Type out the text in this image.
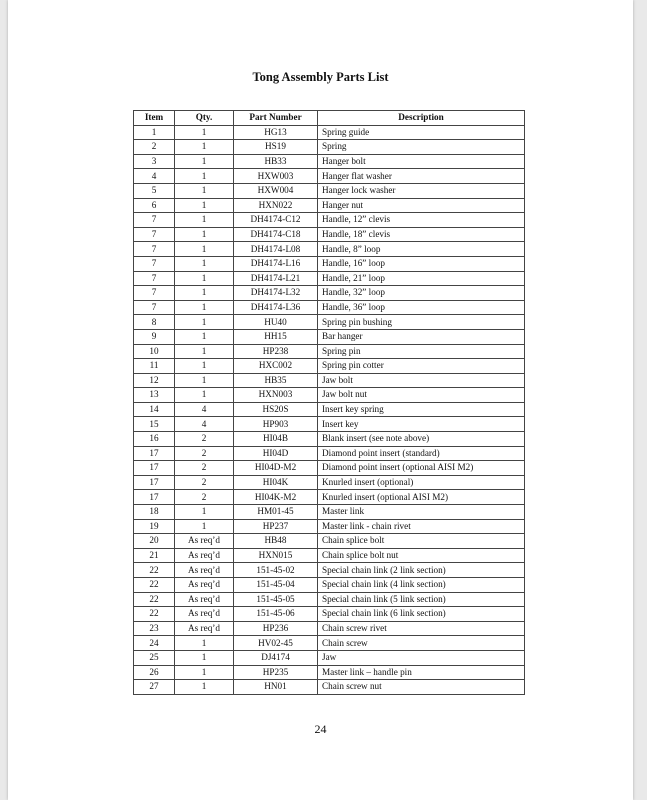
Tong Assembly Parts List
Item	Qty.	Part Number	Description
1	1	HG13	Spring guide
2	1	HS19	Spring
3	1	HB33	Hanger bolt
4	1	HXW003	Hanger flat washer
5	1	HXW004	Hanger lock washer
6	1	HXN022	Hanger nut
7	1	DH4174-C12	Handle, 12” clevis
7	1	DH4174-C18	Handle, 18” clevis
7	1	DH4174-L08	Handle, 8” loop
7	1	DH4174-L16	Handle, 16” loop
7	1	DH4174-L21	Handle, 21” loop
7	1	DH4174-L32	Handle, 32” loop
7	1	DH4174-L36	Handle, 36” loop
8	1	HU40	Spring pin bushing
9	1	HH15	Bar hanger
10	1	HP238	Spring pin
11	1	HXC002	Spring pin cotter
12	1	HB35	Jaw bolt
13	1	HXN003	Jaw bolt nut
14	4	HS20S	Insert key spring
15	4	HP903	Insert key
16	2	HI04B	Blank insert (see note above)
17	2	HI04D	Diamond point insert (standard)
17	2	HI04D-M2	Diamond point insert (optional AISI M2)
17	2	HI04K	Knurled insert (optional)
17	2	HI04K-M2	Knurled insert (optional AISI M2)
18	1	HM01-45	Master link
19	1	HP237	Master link - chain rivet
20	As req’d	HB48	Chain splice bolt
21	As req’d	HXN015	Chain splice bolt nut
22	As req’d	151-45-02	Special chain link (2 link section)
22	As req’d	151-45-04	Special chain link (4 link section)
22	As req’d	151-45-05	Special chain link (5 link section)
22	As req’d	151-45-06	Special chain link (6 link section)
23	As req’d	HP236	Chain screw rivet
24	1	HV02-45	Chain screw
25	1	DJ4174	Jaw
26	1	HP235	Master link – handle pin
27	1	HN01	Chain screw nut
24
